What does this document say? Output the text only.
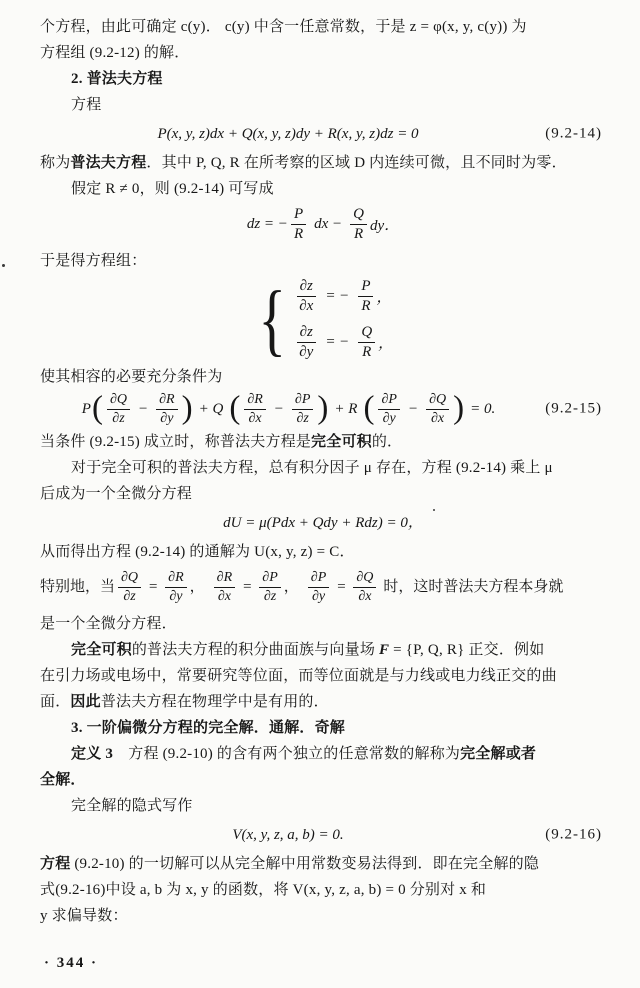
个方程，由此可确定 c(y)． c(y) 中含一任意常数，于是 z = φ(x, y, c(y)) 为
方程组 (9.2-12) 的解．
2. 普法夫方程
方程
P(x, y, z)dx + Q(x, y, z)dy + R(x, y, z)dz = 0	(9.2-14)
称为普法夫方程．其中 P, Q, R 在所考察的区域 D 内连续可微，且不同时为零．
假定 R ≠ 0，则 (9.2-14) 可写成
dz = − $\frac{P}{R}$ dx − $\frac{Q}{R}$ dy．
于是得方程组：
{ $\frac{\partial z}{\partial x}$ = − $\frac{P}{R}$ ，
$\frac{\partial z}{\partial y}$ = − $\frac{Q}{R}$ ，
使其相容的必要充分条件为
P ( $\frac{\partial Q}{\partial z} - \frac{\partial R}{\partial y}$ ) + Q ( $\frac{\partial R}{\partial x} - \frac{\partial P}{\partial z}$ ) + R ( $\frac{\partial P}{\partial y} - \frac{\partial Q}{\partial x}$ ) = 0.	(9.2-15)
当条件 (9.2-15) 成立时，称普法夫方程是完全可积的．
对于完全可积的普法夫方程，总有积分因子 μ 存在，方程 (9.2-14) 乘上 μ
后成为一个全微分方程
dU = μ(Pdx + Qdy + Rdz) = 0，
从而得出方程 (9.2-14) 的通解为 U(x, y, z) = C．
特别地，当 $\frac{\partial Q}{\partial z} = \frac{\partial R}{\partial y}$ ， $\frac{\partial R}{\partial x} = \frac{\partial P}{\partial z}$ ， $\frac{\partial P}{\partial y} = \frac{\partial Q}{\partial x}$ 时，这时普法夫方程本身就
是一个全微分方程．
完全可积的普法夫方程的积分曲面族与向量场 F = {P, Q, R} 正交．例如
在引力场或电场中，常要研究等位面，而等位面就是与力线或电力线正交的曲
面．因此普法夫方程在物理学中是有用的．
3. 一阶偏微分方程的完全解．通解．奇解
定义 3　方程 (9.2-10) 的含有两个独立的任意常数的解称为完全解或者
全解．
完全解的隐式写作
V(x, y, z, a, b) = 0.	(9.2-16)
方程 (9.2-10) 的一切解可以从完全解中用常数变易法得到．即在完全解的隐
式(9.2-16)中设 a, b 为 x, y 的函数，将 V(x, y, z, a, b) = 0 分别对 x 和
y 求偏导数：
· 344 ·
